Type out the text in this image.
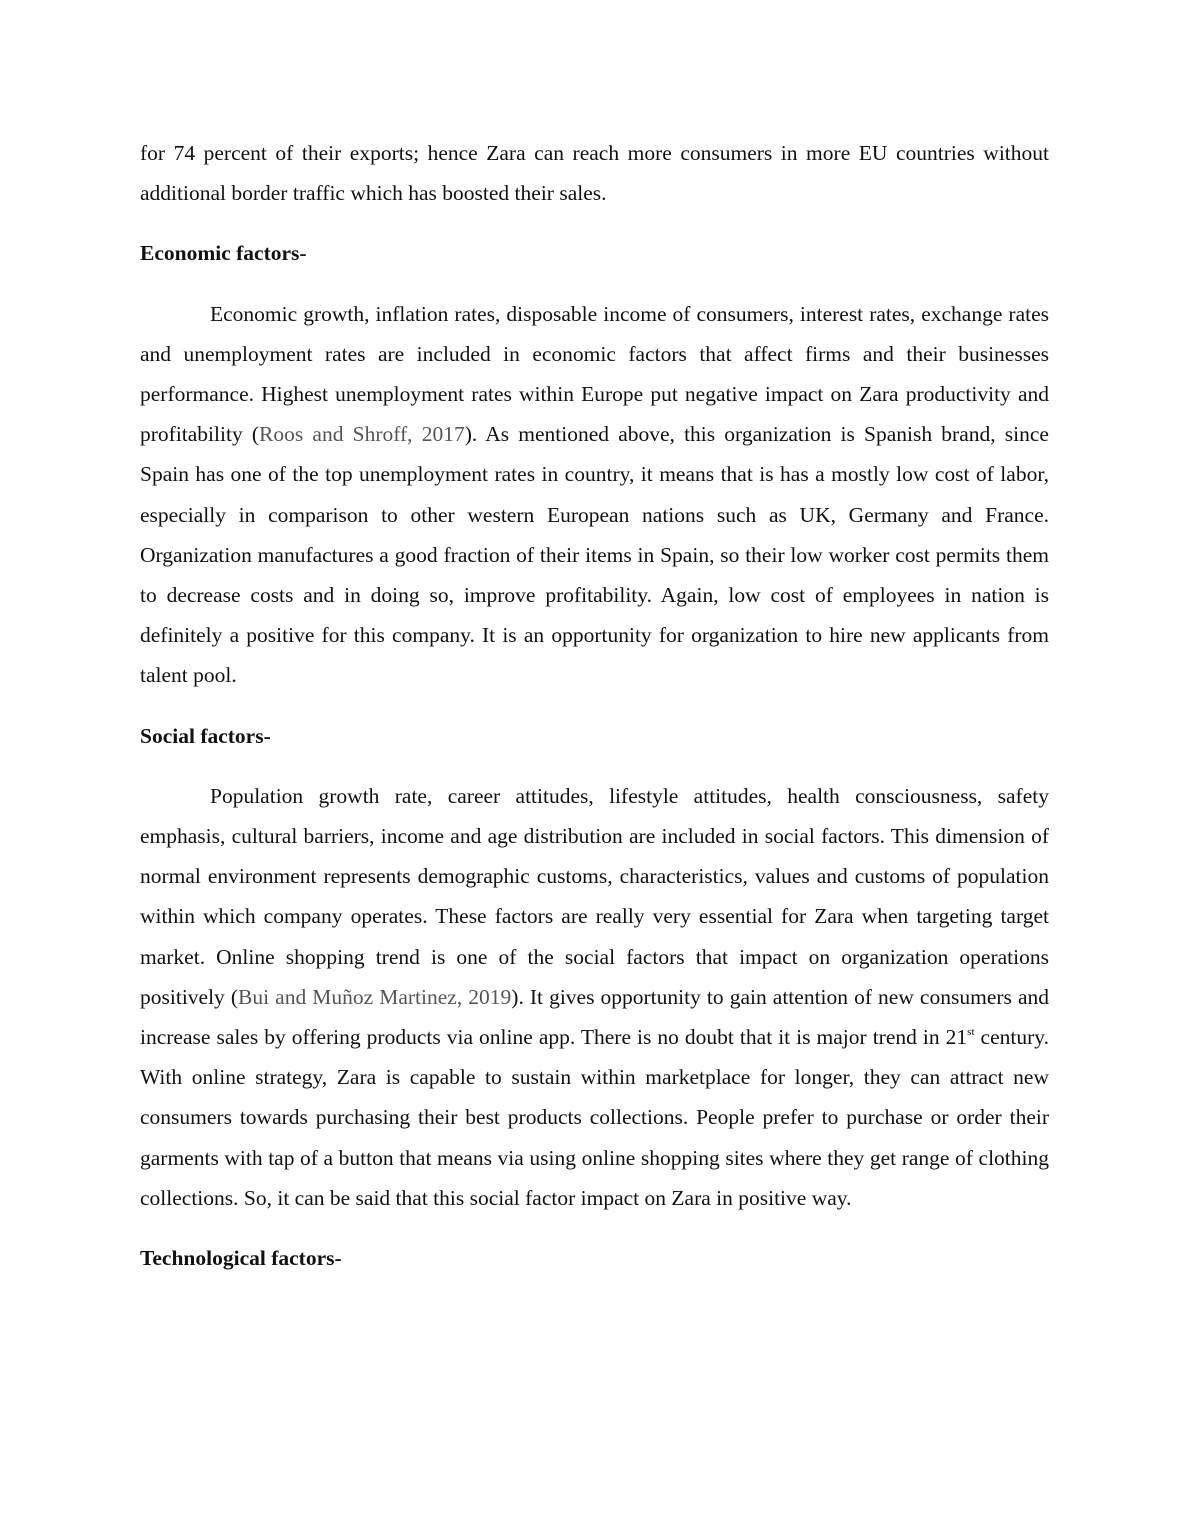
for 74 percent of their exports; hence Zara can reach more consumers in more EU countries without additional border traffic which has boosted their sales.

Economic factors-

Economic growth, inflation rates, disposable income of consumers, interest rates, exchange rates and unemployment rates are included in economic factors that affect firms and their businesses performance. Highest unemployment rates within Europe put negative impact on Zara productivity and profitability (Roos and Shroff, 2017). As mentioned above, this organization is Spanish brand, since Spain has one of the top unemployment rates in country, it means that is has a mostly low cost of labor, especially in comparison to other western European nations such as UK, Germany and France. Organization manufactures a good fraction of their items in Spain, so their low worker cost permits them to decrease costs and in doing so, improve profitability. Again, low cost of employees in nation is definitely a positive for this company. It is an opportunity for organization to hire new applicants from talent pool.

Social factors-

Population growth rate, career attitudes, lifestyle attitudes, health consciousness, safety emphasis, cultural barriers, income and age distribution are included in social factors. This dimension of normal environment represents demographic customs, characteristics, values and customs of population within which company operates. These factors are really very essential for Zara when targeting target market. Online shopping trend is one of the social factors that impact on organization operations positively (Bui and Muñoz Martinez, 2019). It gives opportunity to gain attention of new consumers and increase sales by offering products via online app. There is no doubt that it is major trend in 21st century. With online strategy, Zara is capable to sustain within marketplace for longer, they can attract new consumers towards purchasing their best products collections. People prefer to purchase or order their garments with tap of a button that means via using online shopping sites where they get range of clothing collections. So, it can be said that this social factor impact on Zara in positive way.

Technological factors-
